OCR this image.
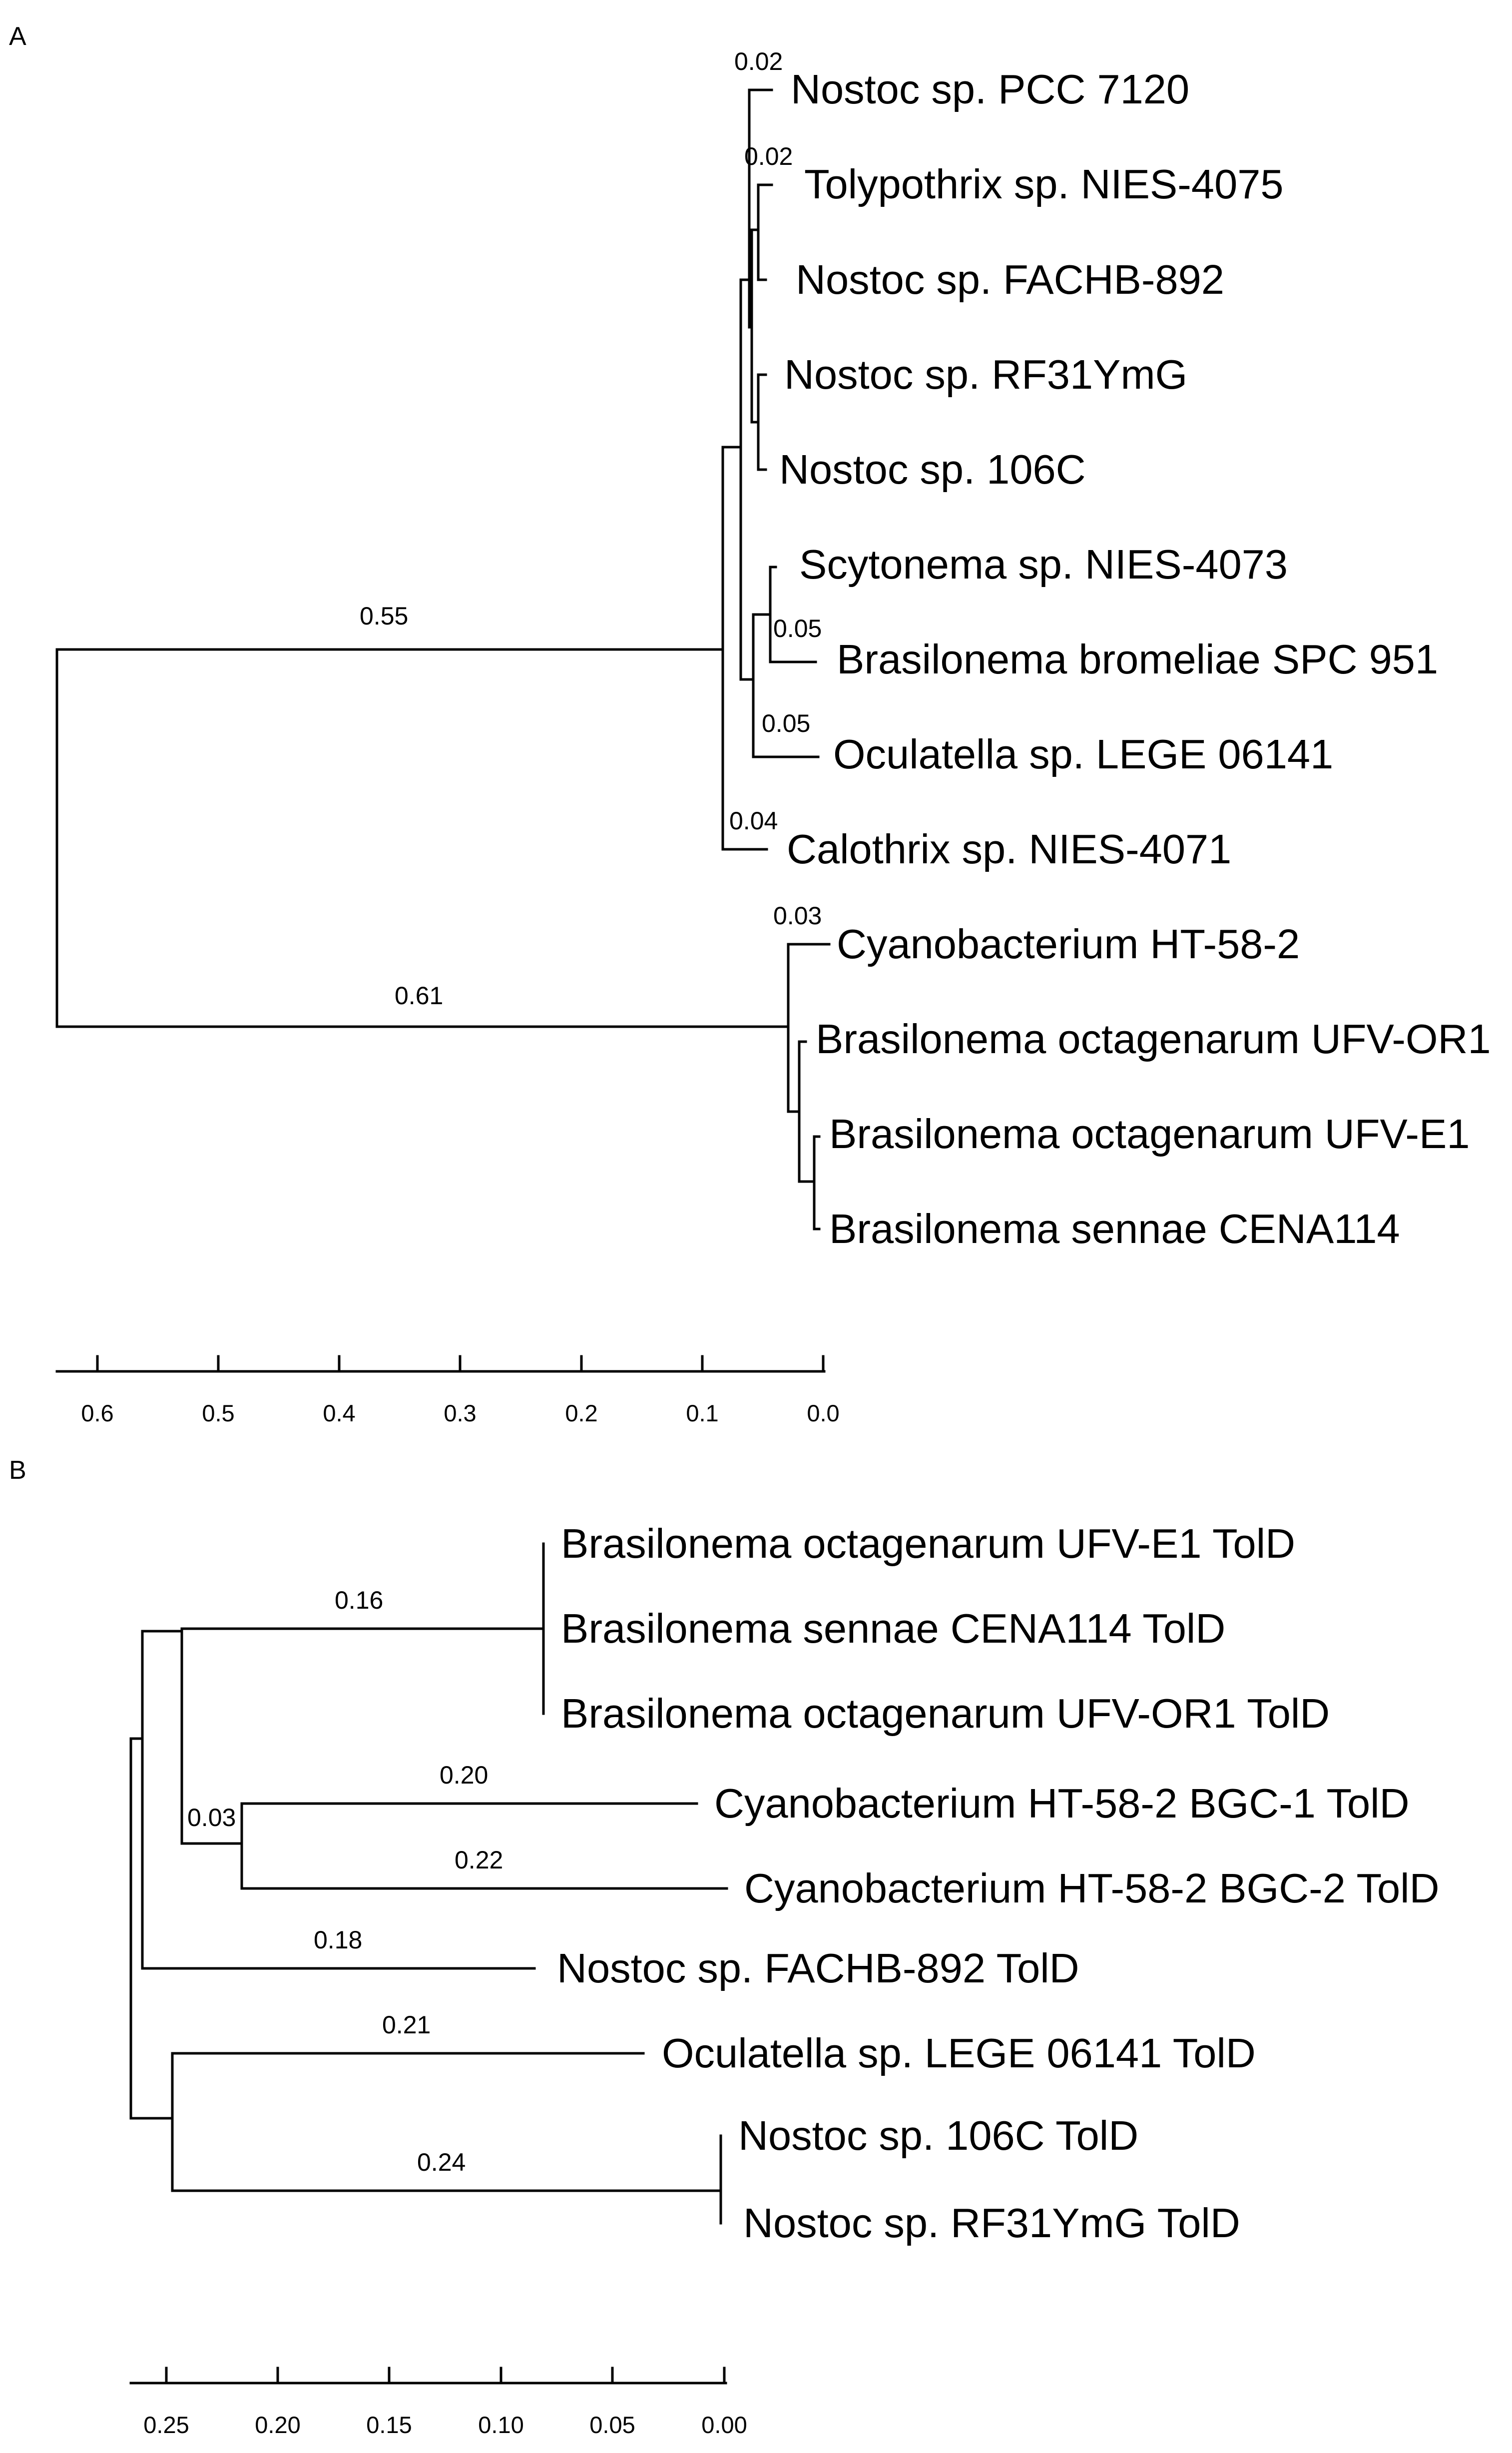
A
0.02
0.02
0.55	0.05
0.05
0.04
0.03
0.61
Nostoc sp. PCC 7120
Tolypothrix sp. NIES-4075
Nostoc sp. FACHB-892
Nostoc sp. RF31YmG
Nostoc sp. 106C
Scytonema sp. NIES-4073
Brasilonema bromeliae SPC 951
Oculatella sp. LEGE 06141
Calothrix sp. NIES-4071
Cyanobacterium HT-58-2
Brasilonema octagenarum UFV-OR1
Brasilonema octagenarum UFV-E1
Brasilonema sennae CENA114
0.6	0.5	0.4	0.3	0.2	0.1	0.0
B
0.16
0.20
0.03
0.22
0.18
0.21
0.24
Brasilonema octagenarum UFV-E1 TolD
Brasilonema sennae CENA114 TolD
Brasilonema octagenarum UFV-OR1 TolD
Cyanobacterium HT-58-2 BGC-1 TolD
Cyanobacterium HT-58-2 BGC-2 TolD
Nostoc sp. FACHB-892 TolD
Oculatella sp. LEGE 06141 TolD
Nostoc sp. 106C TolD
Nostoc sp. RF31YmG TolD
0.25	0.20	0.15	0.10	0.05	0.00
